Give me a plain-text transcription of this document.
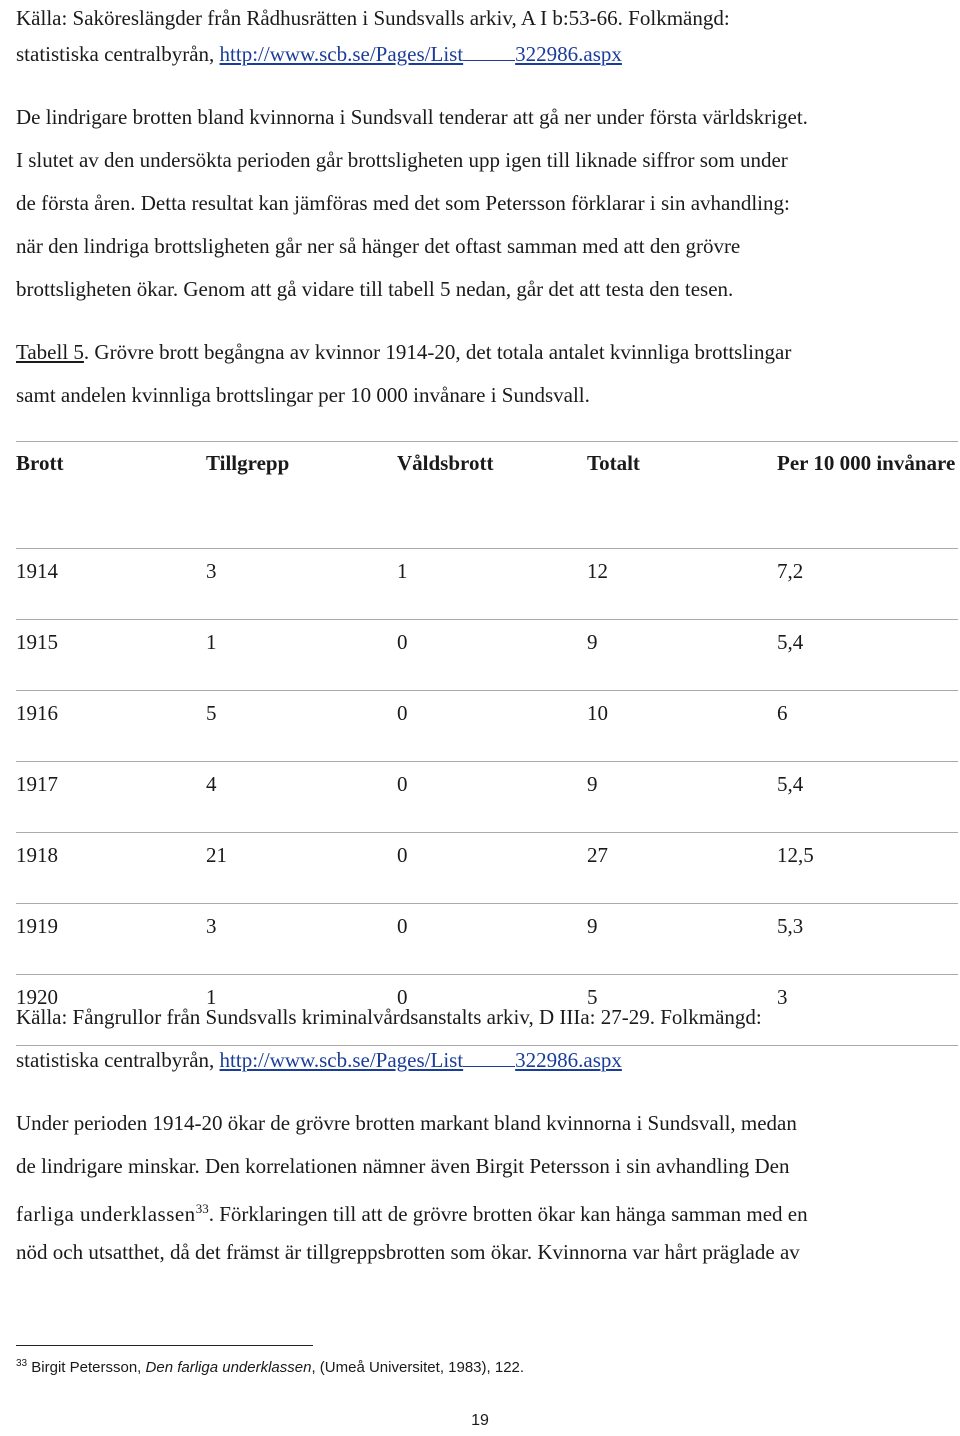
Källa: Saköreslängder från Rådhusrätten i Sundsvalls arkiv, A I b:53-66. Folkmängd:
statistiska centralbyrån, http://www.scb.se/Pages/List 322986.aspx
De lindrigare brotten bland kvinnorna i Sundsvall tenderar att gå ner under första världskriget.
I slutet av den undersökta perioden går brottsligheten upp igen till liknade siffror som under
de första åren. Detta resultat kan jämföras med det som Petersson förklarar i sin avhandling:
när den lindriga brottsligheten går ner så hänger det oftast samman med att den grövre
brottsligheten ökar. Genom att gå vidare till tabell 5 nedan, går det att testa den tesen.
Tabell 5. Grövre brott begångna av kvinnor 1914-20, det totala antalet kvinnliga brottslingar
samt andelen kvinnliga brottslingar per 10 000 invånare i Sundsvall.
Brott	Tillgrepp	Våldsbrott	Totalt	Per 10 000 invånare
1914	3	1	12	7,2
1915	1	0	9	5,4
1916	5	0	10	6
1917	4	0	9	5,4
1918	21	0	27	12,5
1919	3	0	9	5,3
1920	1	0	5	3
Källa: Fångrullor från Sundsvalls kriminalvårdsanstalts arkiv, D IIIa: 27-29. Folkmängd:
statistiska centralbyrån, http://www.scb.se/Pages/List 322986.aspx
Under perioden 1914-20 ökar de grövre brotten markant bland kvinnorna i Sundsvall, medan
de lindrigare minskar. Den korrelationen nämner även Birgit Petersson i sin avhandling Den
farliga underklassen$^{33}$. Förklaringen till att de grövre brotten ökar kan hänga samman med en
nöd och utsatthet, då det främst är tillgreppsbrotten som ökar. Kvinnorna var hårt präglade av
$^{33}$ Birgit Petersson, Den farliga underklassen, (Umeå Universitet, 1983), 122.
19
